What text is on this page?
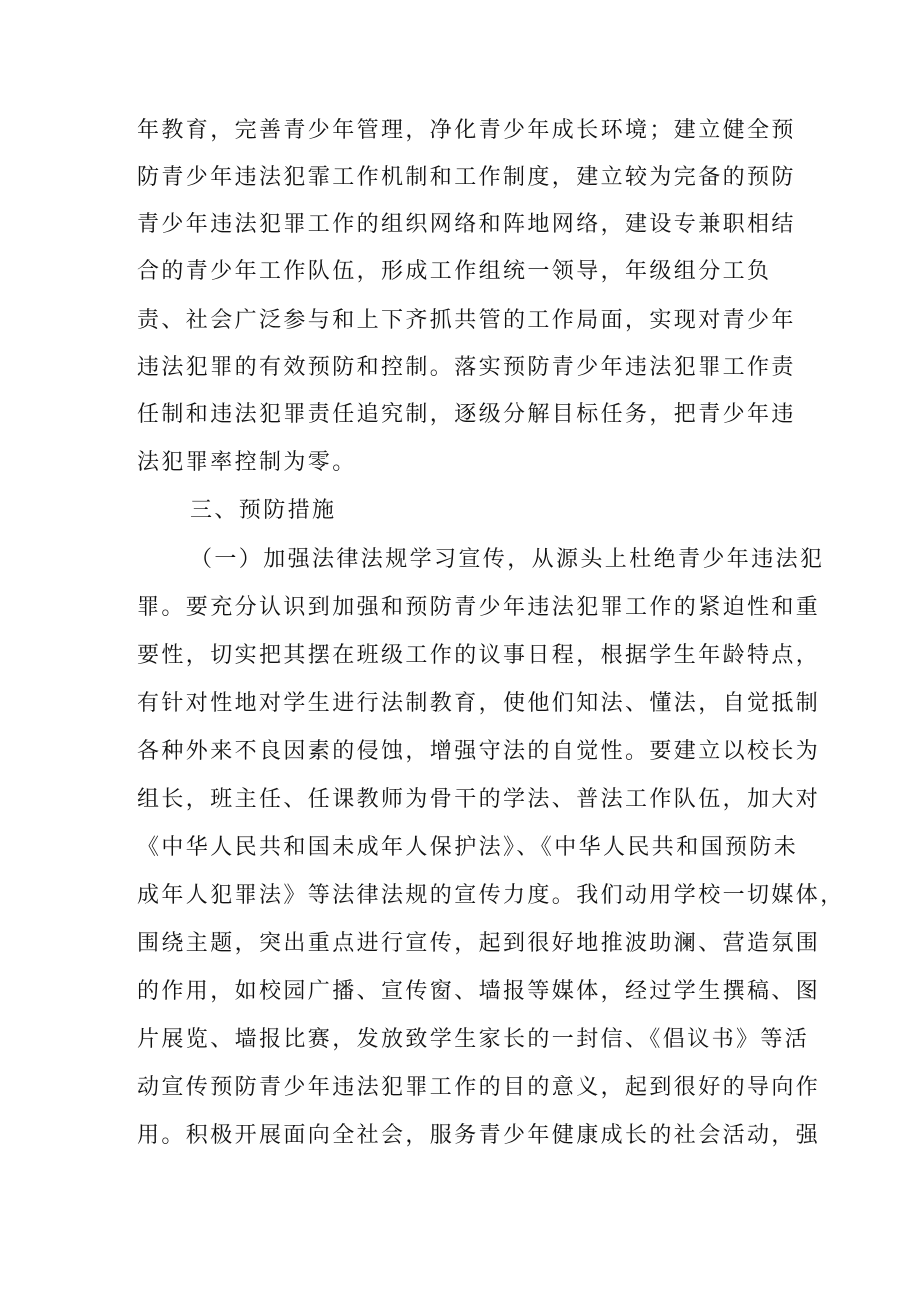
年教育，完善青少年管理，净化青少年成长环境；建立健全预
防青少年违法犯霏工作机制和工作制度，建立较为完备的预防
青少年违法犯罪工作的组织网络和阵地网络，建设专兼职相结
合的青少年工作队伍，形成工作组统一领导，年级组分工负
责、社会广泛参与和上下齐抓共管的工作局面，实现对青少年
违法犯罪的有效预防和控制。落实预防青少年违法犯罪工作责
任制和违法犯罪责任追究制，逐级分解目标任务，把青少年违
法犯罪率控制为零。
三、预防措施
（一）加强法律法规学习宣传，从源头上杜绝青少年违法犯
罪。要充分认识到加强和预防青少年违法犯罪工作的紧迫性和重
要性，切实把其摆在班级工作的议事日程，根据学生年龄特点，
有针对性地对学生进行法制教育，使他们知法、懂法，自觉抵制
各种外来不良因素的侵蚀，增强守法的自觉性。要建立以校长为
组长，班主任、任课教师为骨干的学法、普法工作队伍，加大对
《中华人民共和国未成年人保护法》、《中华人民共和国预防未
成年人犯罪法》等法律法规的宣传力度。我们动用学校一切媒体，
围绕主题，突出重点进行宣传，起到很好地推波助澜、营造氛围
的作用，如校园广播、宣传窗、墙报等媒体，经过学生撰稿、图
片展览、墙报比赛，发放致学生家长的一封信、《倡议书》等活
动宣传预防青少年违法犯罪工作的目的意义，起到很好的导向作
用。积极开展面向全社会，服务青少年健康成长的社会活动，强
